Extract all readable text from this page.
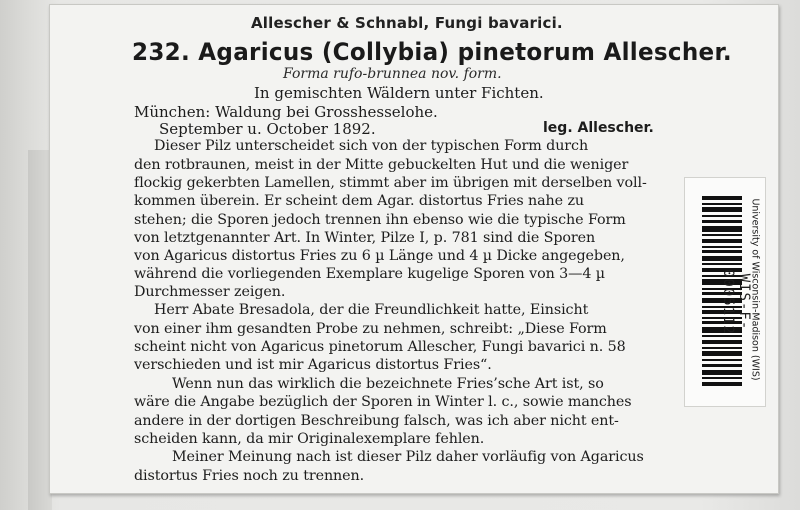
Allescher & Schnabl, Fungi bavarici.
232. Agaricus (Collybia) pinetorum Allescher.
Forma rufo-brunnea nov. form.
In gemischten Wäldern unter Fichten.
München: Waldung bei Grosshesselohe.
September u. October 1892.	leg. Allescher.
Dieser Pilz unterscheidet sich von der typischen Form durch
den rotbraunen, meist in der Mitte gebuckelten Hut und die weniger
flockig gekerbten Lamellen, stimmt aber im übrigen mit derselben voll-
kommen überein. Er scheint dem Agar. distortus Fries nahe zu
stehen; die Sporen jedoch trennen ihn ebenso wie die typische Form
von letztgenannter Art. In Winter, Pilze I, p. 781 sind die Sporen
von Agaricus distortus Fries zu 6 µ Länge und 4 µ Dicke angegeben,
während die vorliegenden Exemplare kugelige Sporen von 3—4 µ
Durchmesser zeigen.
Herr Abate Bresadola, der die Freundlichkeit hatte, Einsicht
von einer ihm gesandten Probe zu nehmen, schreibt: „Diese Form
scheint nicht von Agaricus pinetorum Allescher, Fungi bavarici n. 58
verschieden und ist mir Agaricus distortus Fries“.
Wenn nun das wirklich die bezeichnete Fries’sche Art ist, so
wäre die Angabe bezüglich der Sporen in Winter l. c., sowie manches
andere in der dortigen Beschreibung falsch, was ich aber nicht ent-
scheiden kann, da mir Originalexemplare fehlen.
Meiner Meinung nach ist dieser Pilz daher vorläufig von Agaricus
distortus Fries noch zu trennen.
WIS-F-0005112	University of Wisconsin-Madison (WIS)
